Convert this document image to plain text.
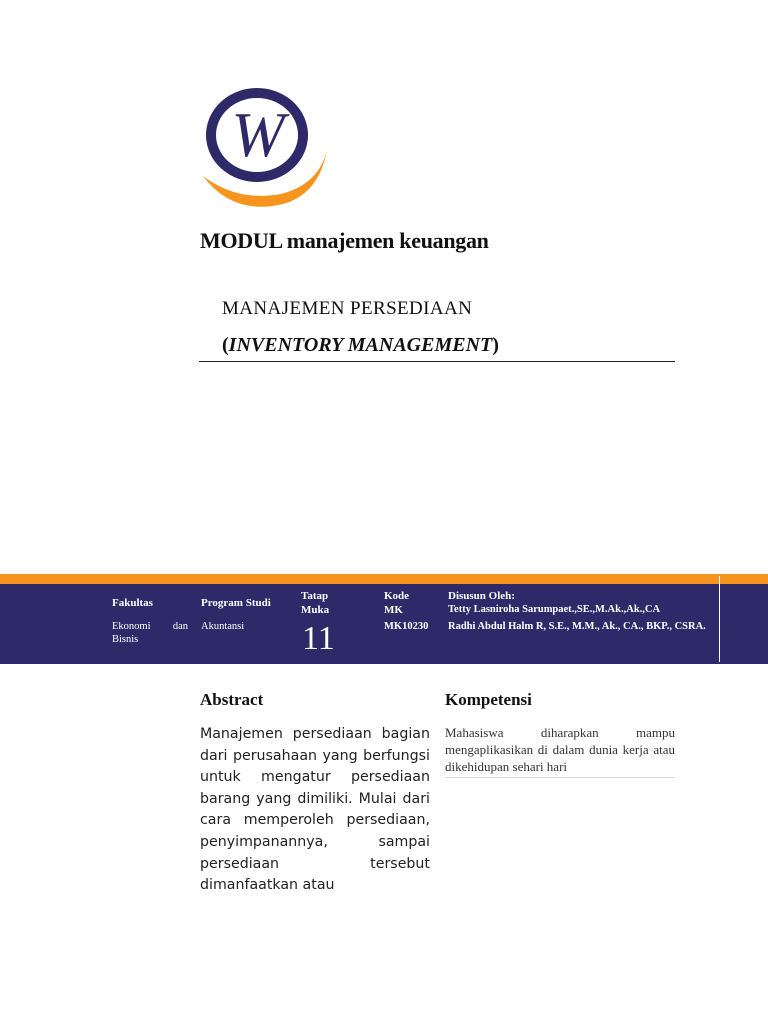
W
MODUL manajemen keuangan
MANAJEMEN PERSEDIAAN
(INVENTORY MANAGEMENT)
Fakultas	Program Studi
Tatap Muka
Kode MK
Disusun Oleh:
Ekonomi dan Bisnis
Akuntansi 11	MK10230
Tetty Lasniroha Sarumpaet.,SE.,M.Ak.,Ak.,CA
Radhi Abdul Halm R, S.E., M.M., Ak., CA., BKP., CSRA.
Abstract
Manajemen persediaan bagian dari perusahaan yang berfungsi untuk mengatur persediaan barang yang dimiliki. Mulai dari cara memperoleh persediaan, penyimpanannya, sampai persediaan tersebut dimanfaatkan atau
Kompetensi
Mahasiswa diharapkan mampu mengaplikasikan di dalam dunia kerja atau dikehidupan sehari hari
